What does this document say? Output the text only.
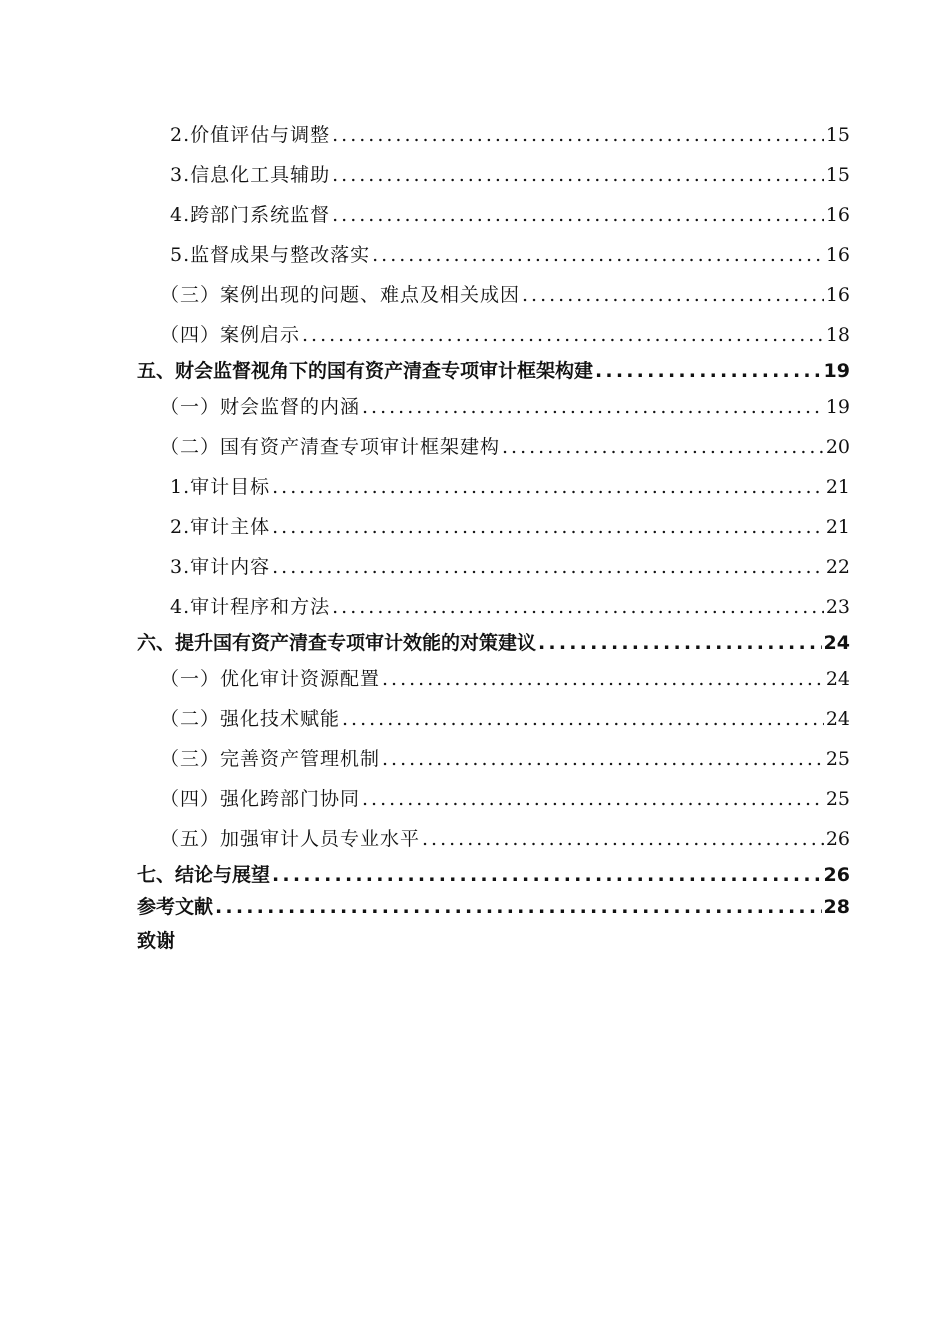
2.价值评估与调整 .....	15
3.信息化工具辅助 .....	15
4.跨部门系统监督 .....	16
5.监督成果与整改落实 .....	16
（三）案例出现的问题、难点及相关成因 .....	16
（四）案例启示 .....	18
五、财会监督视角下的国有资产清查专项审计框架构建 .....	19
（一）财会监督的内涵 .....	19
（二）国有资产清查专项审计框架建构 .....	20
1.审计目标 .....	21
2.审计主体 .....	21
3.审计内容 .....	22
4.审计程序和方法 .....	23
六、提升国有资产清查专项审计效能的对策建议 .....	24
（一）优化审计资源配置 .....	24
（二）强化技术赋能 .....	24
（三）完善资产管理机制 .....	25
（四）强化跨部门协同 .....	25
（五）加强审计人员专业水平 .....	26
七、结论与展望 .....	26
参考文献 .....	28
致谢
